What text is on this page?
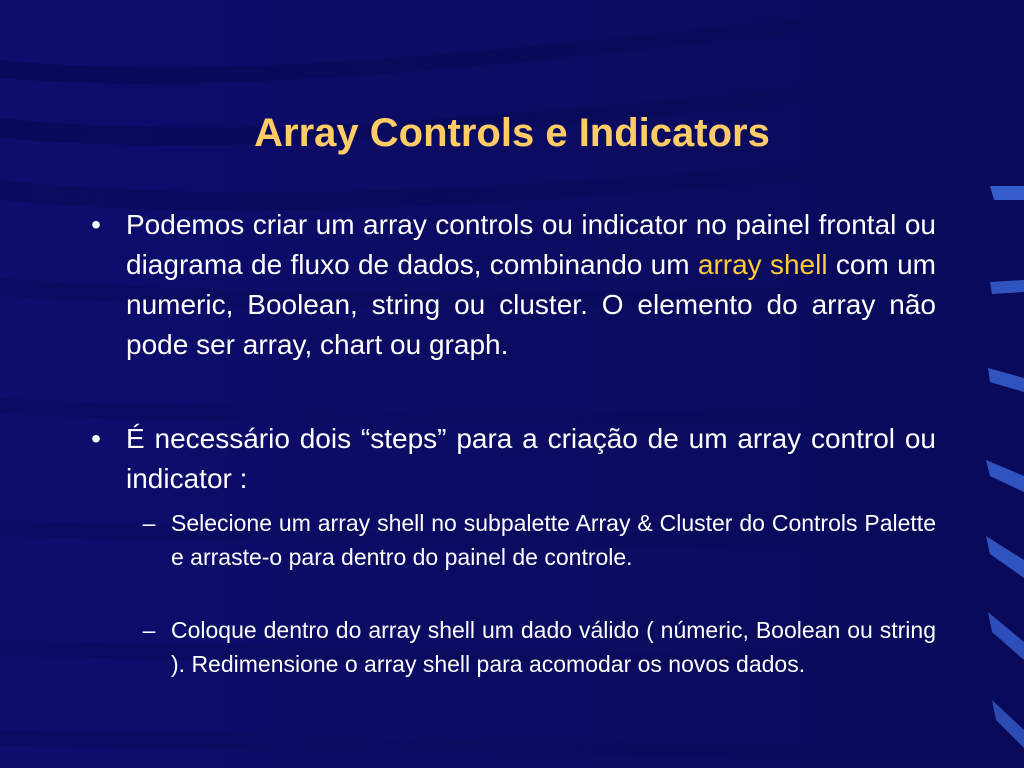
Array Controls e Indicators
• Podemos criar um array controls ou indicator no painel frontal ou diagrama de fluxo de dados, combinando um array shell com um numeric, Boolean, string ou cluster. O elemento do array não pode ser array, chart ou graph.
• É necessário dois “steps” para a criação de um array control ou indicator :
– Selecione um array shell no subpalette Array & Cluster do Controls Palette e arraste-o para dentro do painel de controle.
– Coloque dentro do array shell um dado válido ( númeric, Boolean ou string ). Redimensione o array shell para acomodar os novos dados.
